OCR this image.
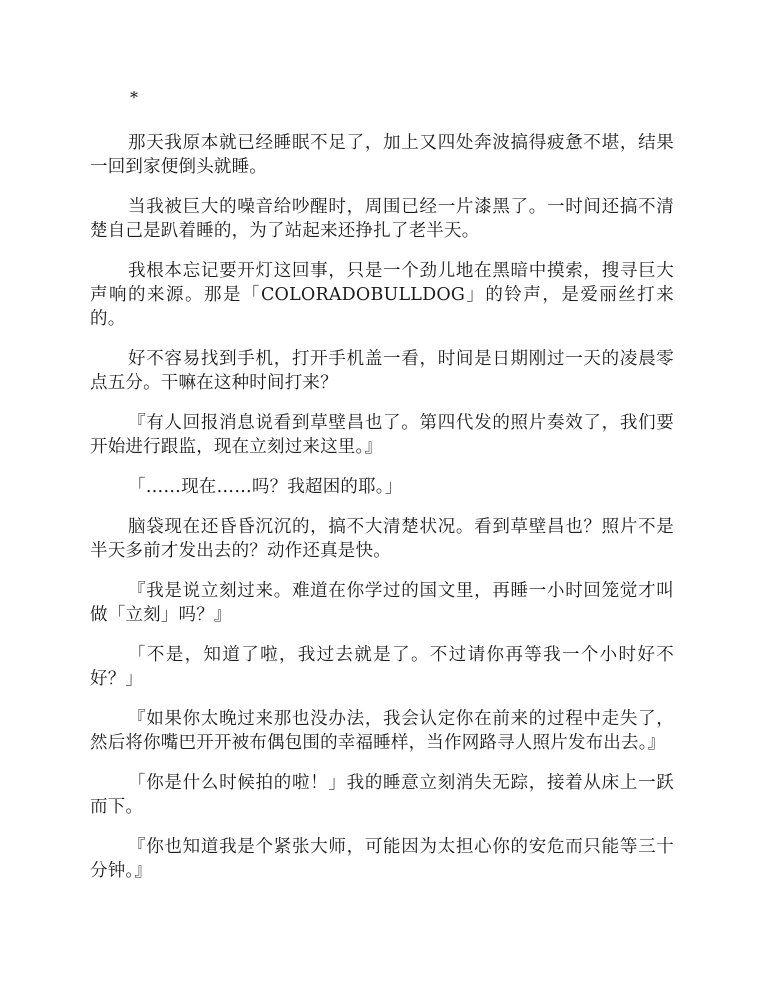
*

那天我原本就已经睡眠不足了，加上又四处奔波搞得疲惫不堪，结果一回到家便倒头就睡。

当我被巨大的噪音给吵醒时，周围已经一片漆黑了。一时间还搞不清楚自己是趴着睡的，为了站起来还挣扎了老半天。

我根本忘记要开灯这回事，只是一个劲儿地在黑暗中摸索，搜寻巨大声响的来源。那是「COLORADOBULLDOG」的铃声，是爱丽丝打来的。

好不容易找到手机，打开手机盖一看，时间是日期刚过一天的凌晨零点五分。干嘛在这种时间打来？

『有人回报消息说看到草壁昌也了。第四代发的照片奏效了，我们要开始进行跟监，现在立刻过来这里。』

「……现在……吗？我超困的耶。」

脑袋现在还昏昏沉沉的，搞不大清楚状况。看到草壁昌也？照片不是半天多前才发出去的？动作还真是快。

『我是说立刻过来。难道在你学过的国文里，再睡一小时回笼觉才叫做「立刻」吗？』

「不是，知道了啦，我过去就是了。不过请你再等我一个小时好不好？」

『如果你太晚过来那也没办法，我会认定你在前来的过程中走失了，然后将你嘴巴开开被布偶包围的幸福睡样，当作网路寻人照片发布出去。』

「你是什么时候拍的啦！」我的睡意立刻消失无踪，接着从床上一跃而下。

『你也知道我是个紧张大师，可能因为太担心你的安危而只能等三十分钟。』
